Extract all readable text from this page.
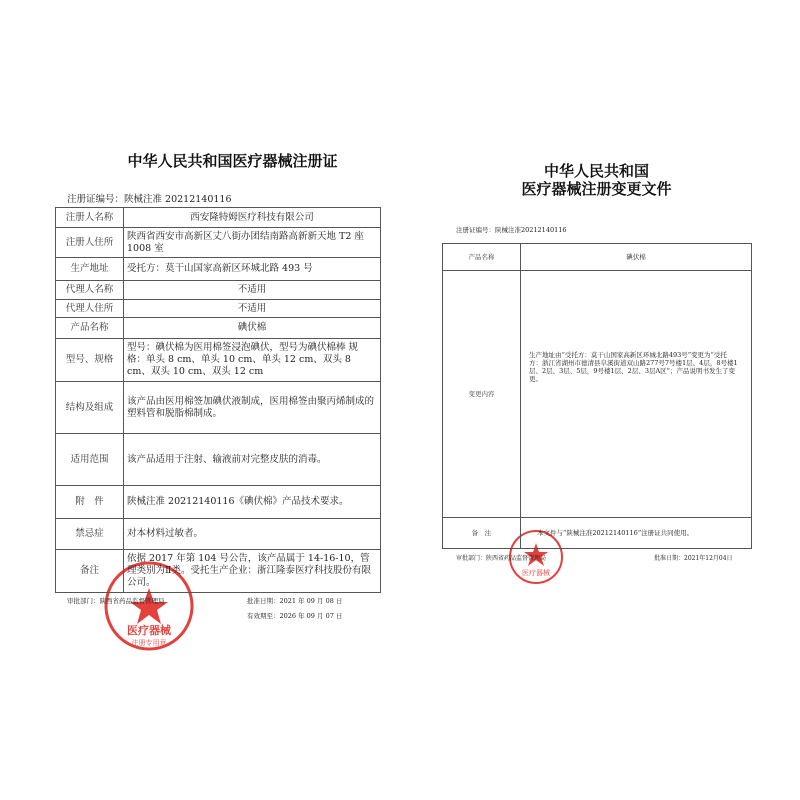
中华人民共和国医疗器械注册证
注册证编号：陕械注准 20212140116
注册人名称	西安隆特姆医疗科技有限公司
注册人住所	陕西省西安市高新区丈八街办团结南路高新新天地 T2 座 1008 室
生产地址	受托方：莫干山国家高新区环城北路 493 号
代理人名称	不适用
代理人住所	不适用
产品名称	碘伏棉
型号、规格	型号：碘伏棉为医用棉签浸泡碘伏，型号为碘伏棉棒 规格：单头 8 cm、单头 10 cm、单头 12 cm、双头 8 cm、双头 10 cm、双头 12 cm
结构及组成	该产品由医用棉签加碘伏液制成，医用棉签由聚丙烯制成的塑料管和脱脂棉制成。
适用范围	该产品适用于注射、输液前对完整皮肤的消毒。
附　件	陕械注准 20212140116《碘伏棉》产品技术要求。
禁忌症	对本材料过敏者。
备注	依据 2017 年第 104 号公告，该产品属于 14-16-10，管理类别为Ⅱ类。受托生产企业：浙江隆泰医疗科技股份有限公司。
审批部门：陕西省药品监督管理局	批准日期：2021 年 09 月 08 日
有效期至：2026 年 09 月 07 日
医疗器械
注册专用章
中华人民共和国
医疗器械注册变更文件
注册证编号：陕械注准20212140116
产品名称	碘伏棉
变更内容	生产地址由“受托方：莫干山国家高新区环城北路493号”变更为“受托方：浙江省湖州市德清县阜溪街道双山路277号7号楼1层、4层，8号楼1层、2层、3层、5层，9号楼1层、2层、3层A区”；产品说明书发生了变更。
备　注	本文件与“陕械注准20212140116”注册证共同使用。
审批部门：陕西省药品监督管理局	批准日期：2021年12月04日
医疗器械
